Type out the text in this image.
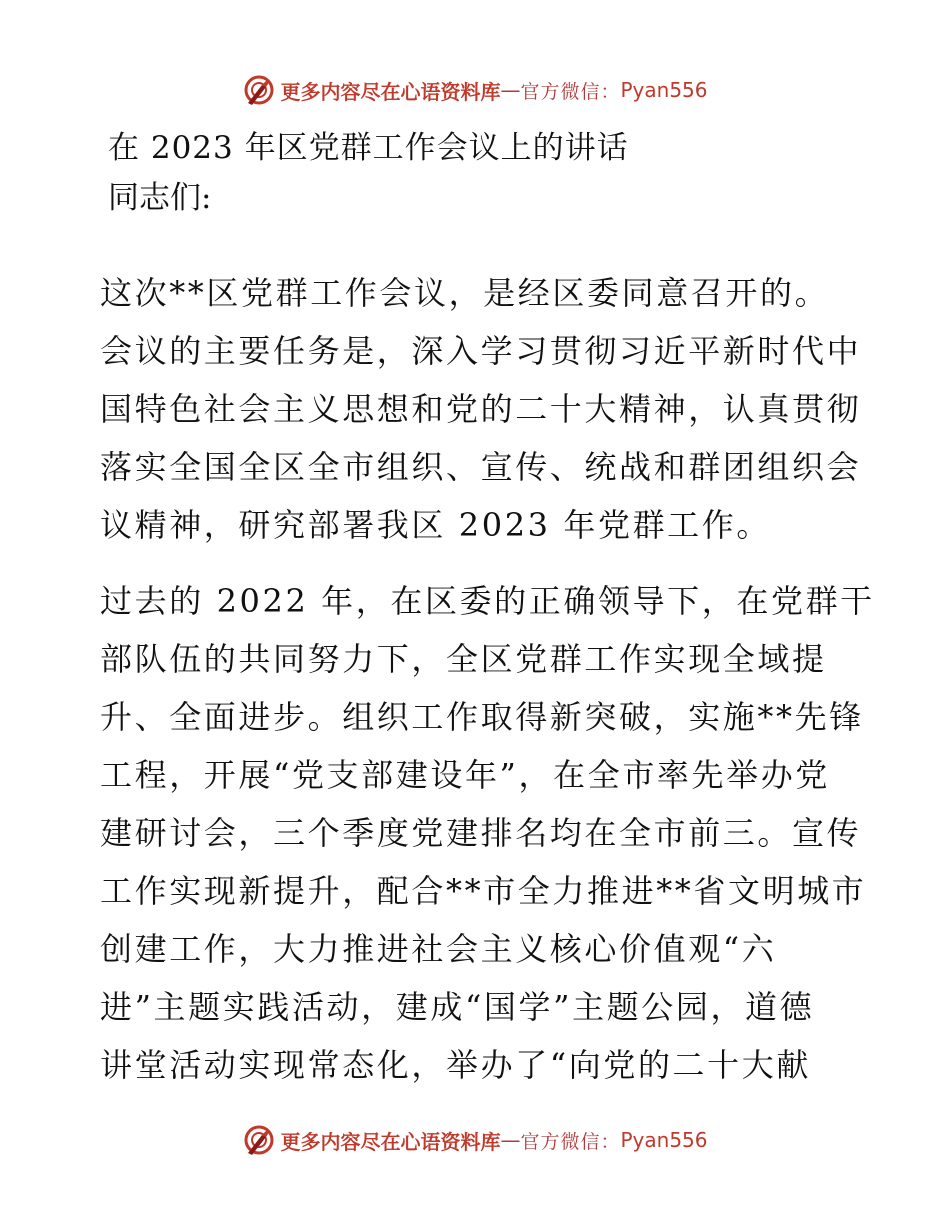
更多内容尽在心语资料库 — 官方微信： Pyan556
在 2023 年区党群工作会议上的讲话
同志们:
这次**区党群工作会议，是经区委同意召开的。
会议的主要任务是，深入学习贯彻习近平新时代中
国特色社会主义思想和党的二十大精神，认真贯彻
落实全国全区全市组织、宣传、统战和群团组织会
议精神，研究部署我区 2023 年党群工作。
过去的 2022 年，在区委的正确领导下，在党群干
部队伍的共同努力下，全区党群工作实现全域提
升、全面进步。组织工作取得新突破，实施**先锋
工程，开展“党支部建设年”，在全市率先举办党
建研讨会，三个季度党建排名均在全市前三。宣传
工作实现新提升，配合**市全力推进**省文明城市
创建工作，大力推进社会主义核心价值观“六
进”主题实践活动，建成“国学”主题公园，道德
讲堂活动实现常态化，举办了“向党的二十大献
更多内容尽在心语资料库 — 官方微信： Pyan556
